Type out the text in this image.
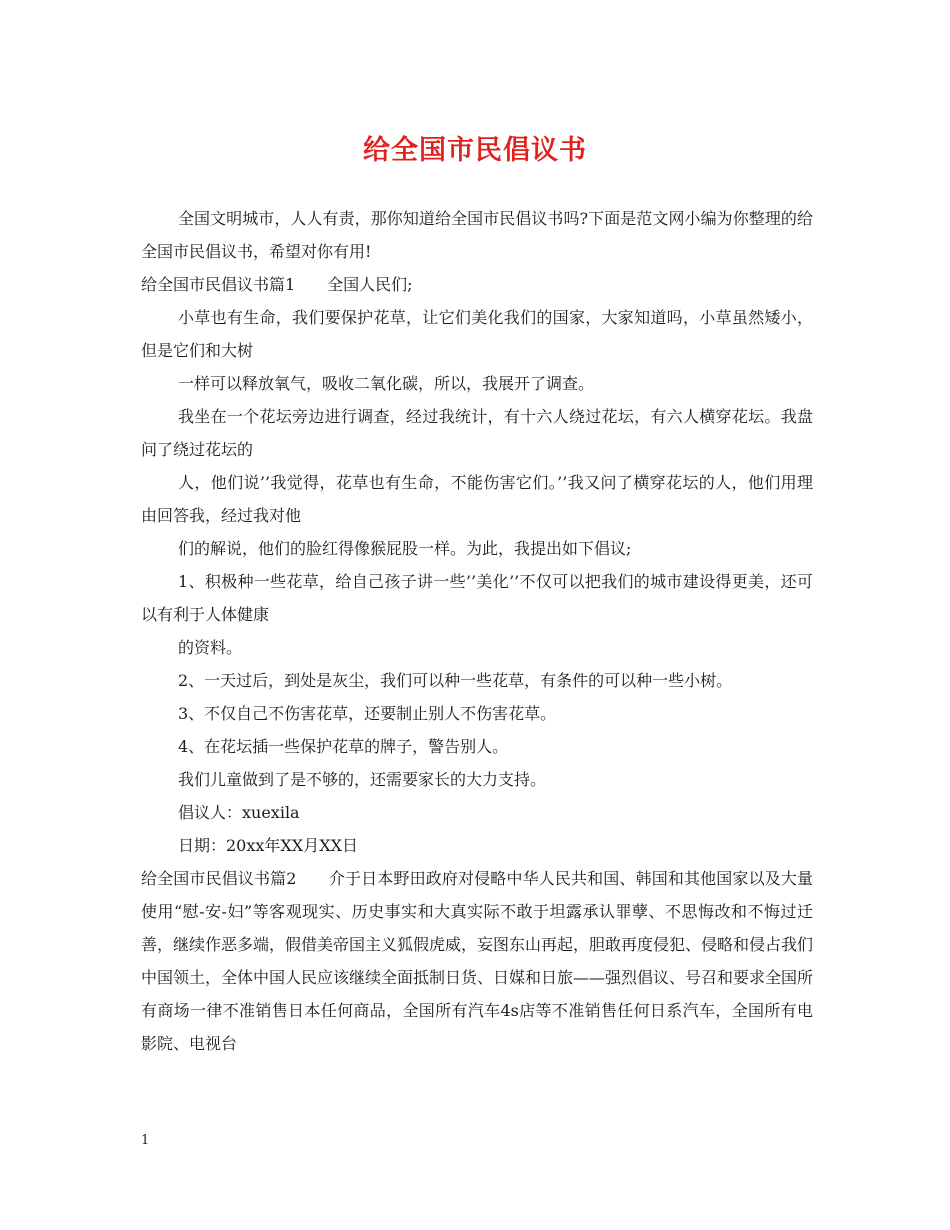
给全国市民倡议书

全国文明城市，人人有责，那你知道给全国市民倡议书吗?下面是范文网小编为你整理的给全国市民倡议书，希望对你有用!

给全国市民倡议书篇1　　全国人民们;

小草也有生命，我们要保护花草，让它们美化我们的国家，大家知道吗，小草虽然矮小，但是它们和大树

一样可以释放氧气，吸收二氧化碳，所以，我展开了调查。

我坐在一个花坛旁边进行调查，经过我统计，有十六人绕过花坛，有六人横穿花坛。我盘问了绕过花坛的

人，他们说’’我觉得，花草也有生命，不能伤害它们。’’我又问了横穿花坛的人，他们用理由回答我，经过我对他

们的解说，他们的脸红得像猴屁股一样。为此，我提出如下倡议;

1、积极种一些花草，给自己孩子讲一些’’美化’’不仅可以把我们的城市建设得更美，还可以有利于人体健康

的资料。

2、一天过后，到处是灰尘，我们可以种一些花草，有条件的可以种一些小树。

3、不仅自己不伤害花草，还要制止别人不伤害花草。

4、在花坛插一些保护花草的牌子，警告别人。

我们儿童做到了是不够的，还需要家长的大力支持。

倡议人：xuexila

日期：20xx年XX月XX日

给全国市民倡议书篇2　　介于日本野田政府对侵略中华人民共和国、韩国和其他国家以及大量使用“慰-安-妇”等客观现实、历史事实和大真实际不敢于坦露承认罪孽、不思悔改和不悔过迁善，继续作恶多端，假借美帝国主义狐假虎威，妄图东山再起，胆敢再度侵犯、侵略和侵占我们中国领土，全体中国人民应该继续全面抵制日货、日媒和日旅——强烈倡议、号召和要求全国所有商场一律不准销售日本任何商品，全国所有汽车4s店等不准销售任何日系汽车，全国所有电影院、电视台

1
